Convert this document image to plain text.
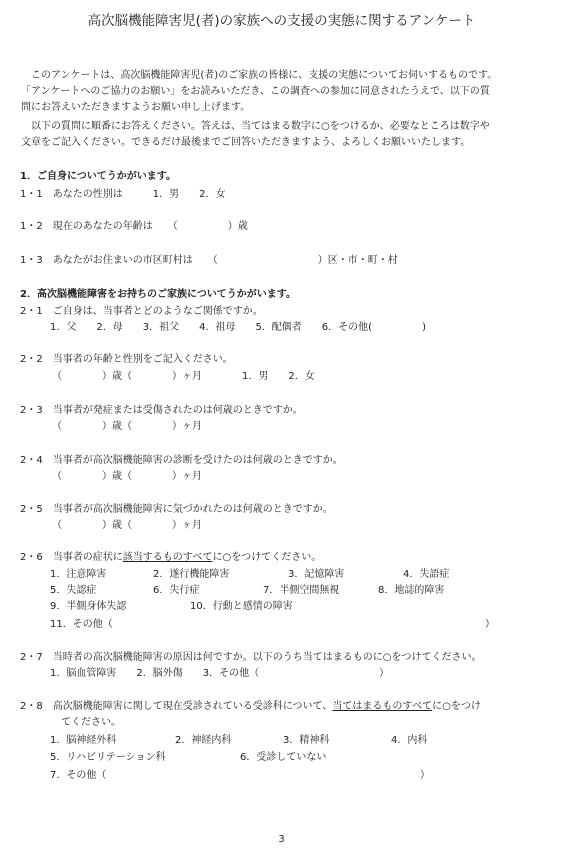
高次脳機能障害児(者)の家族への支援の実態に関するアンケート
　このアンケートは、高次脳機能障害児(者)のご家族の皆様に、支援の実態についてお伺いするものです。
「アンケートへのご協力のお願い」をお読みいただき、この調査への参加に同意されたうえで、以下の質
問にお答えいただきますようお願い申し上げます。
　以下の質問に順番にお答えください。答えは、当てはまる数字に○をつけるか、必要なところは数字や
文章をご記入ください。できるだけ最後までご回答いただきますよう、よろしくお願いいたします。
1．ご自身についてうかがいます。
1・1　あなたの性別は　　　1．男　　2．女
1・2　現在のあなたの年齢は　　（　　　　　）歳
1・3　あなたがお住まいの市区町村は　　（　　　　　　　　　　）区・市・町・村
2．高次脳機能障害をお持ちのご家族についてうかがいます。
2・1　ご自身は、当事者とどのようなご関係ですか。
1．父　　2．母　　3．祖父　　4．祖母　　5．配偶者　　6．その他(　　　　　)
2・2　当事者の年齢と性別をご記入ください。
（　　　　）歳（　　　　）ヶ月　　　　1．男　　2．女
2・3　当事者が発症または受傷されたのは何歳のときですか。
（　　　　）歳（　　　　）ヶ月
2・4　当事者が高次脳機能障害の診断を受けたのは何歳のときですか。
（　　　　）歳（　　　　）ヶ月
2・5　当事者が高次脳機能障害に気づかれたのは何歳のときですか。
（　　　　）歳（　　　　）ヶ月
2・6　当事者の症状に該当するものすべてに○をつけてください。
1．注意障害	2．遂行機能障害	3．記憶障害	4．失語症
5．失認症	6．失行症	7．半側空間無視	8．地誌的障害
9．半側身体失認	10．行動と感情の障害
11．その他（	）
2・7　当時者の高次脳機能障害の原因は何ですか。以下のうち当てはまるものに○をつけてください。
1．脳血管障害　　2．脳外傷　　3．その他（　　　　　　　　　　　　）
2・8　高次脳機能障害に関して現在受診されている受診科について、当てはまるものすべてに○をつけ
てください。
1．脳神経外科	2．神経内科	3．精神科	4．内科
5．リハビリテーション科	6．受診していない
7．その他（	）
3
